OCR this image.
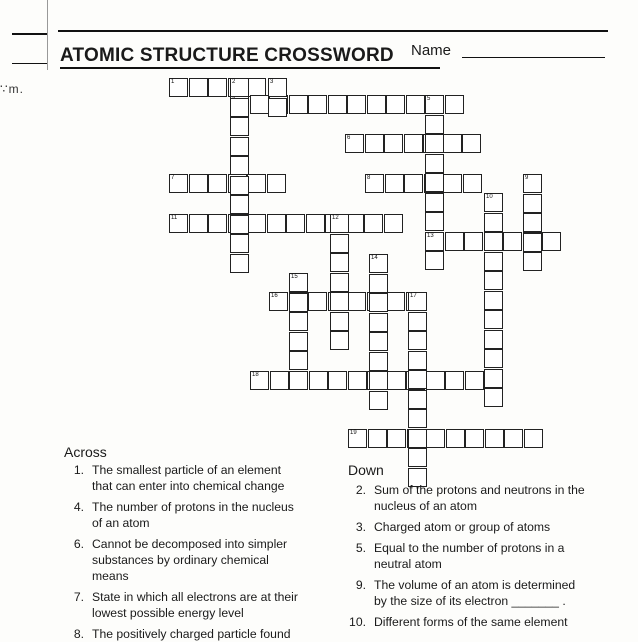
ATOMIC STRUCTURE CROSSWORD Name
∵m.	1
5
6
7	8
11
13
16
18
19
2	3
9
10
12
14
15
17
Across
Down
1. The smallest particle of an element
that can enter into chemical change
4. The number of protons in the nucleus
of an atom
6. Cannot be decomposed into simpler
substances by ordinary chemical
means
7. State in which all electrons are at their
lowest possible energy level
8. The positively charged particle found
2. Sum of the protons and neutrons in the
nucleus of an atom
3. Charged atom or group of atoms
5. Equal to the number of protons in a
neutral atom
9. The volume of an atom is determined
by the size of its electron _______ .
10. Different forms of the same element
